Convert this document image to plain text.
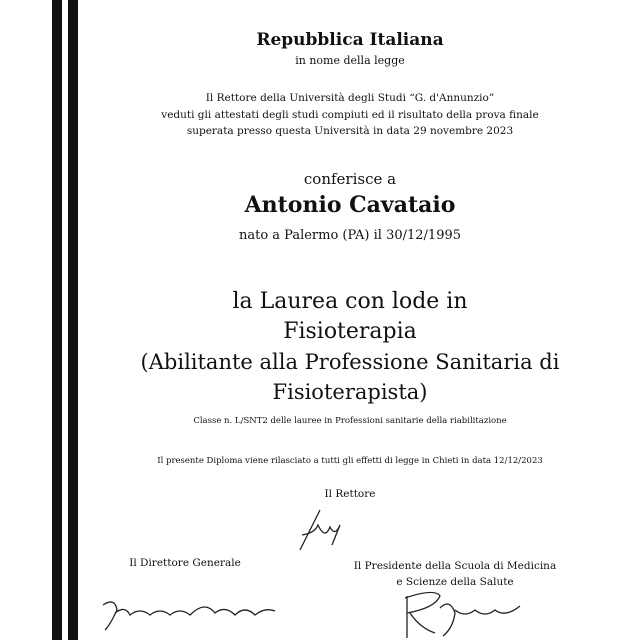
Repubblica Italiana
in nome della legge
Il Rettore della Università degli Studi “G. d'Annunzio”
veduti gli attestati degli studi compiuti ed il risultato della prova finale
superata presso questa Università in data 29 novembre 2023
conferisce a
Antonio Cavataio
nato a Palermo (PA) il 30/12/1995
la Laurea con lode in
Fisioterapia
(Abilitante alla Professione Sanitaria di
Fisioterapista)
Classe n. L/SNT2 delle lauree in Professioni sanitarie della riabilitazione
Il presente Diploma viene rilasciato a tutti gli effetti di legge in Chieti in data 12/12/2023
Il Rettore
Il Direttore Generale	Il Presidente della Scuola di Medicina
e Scienze della Salute
